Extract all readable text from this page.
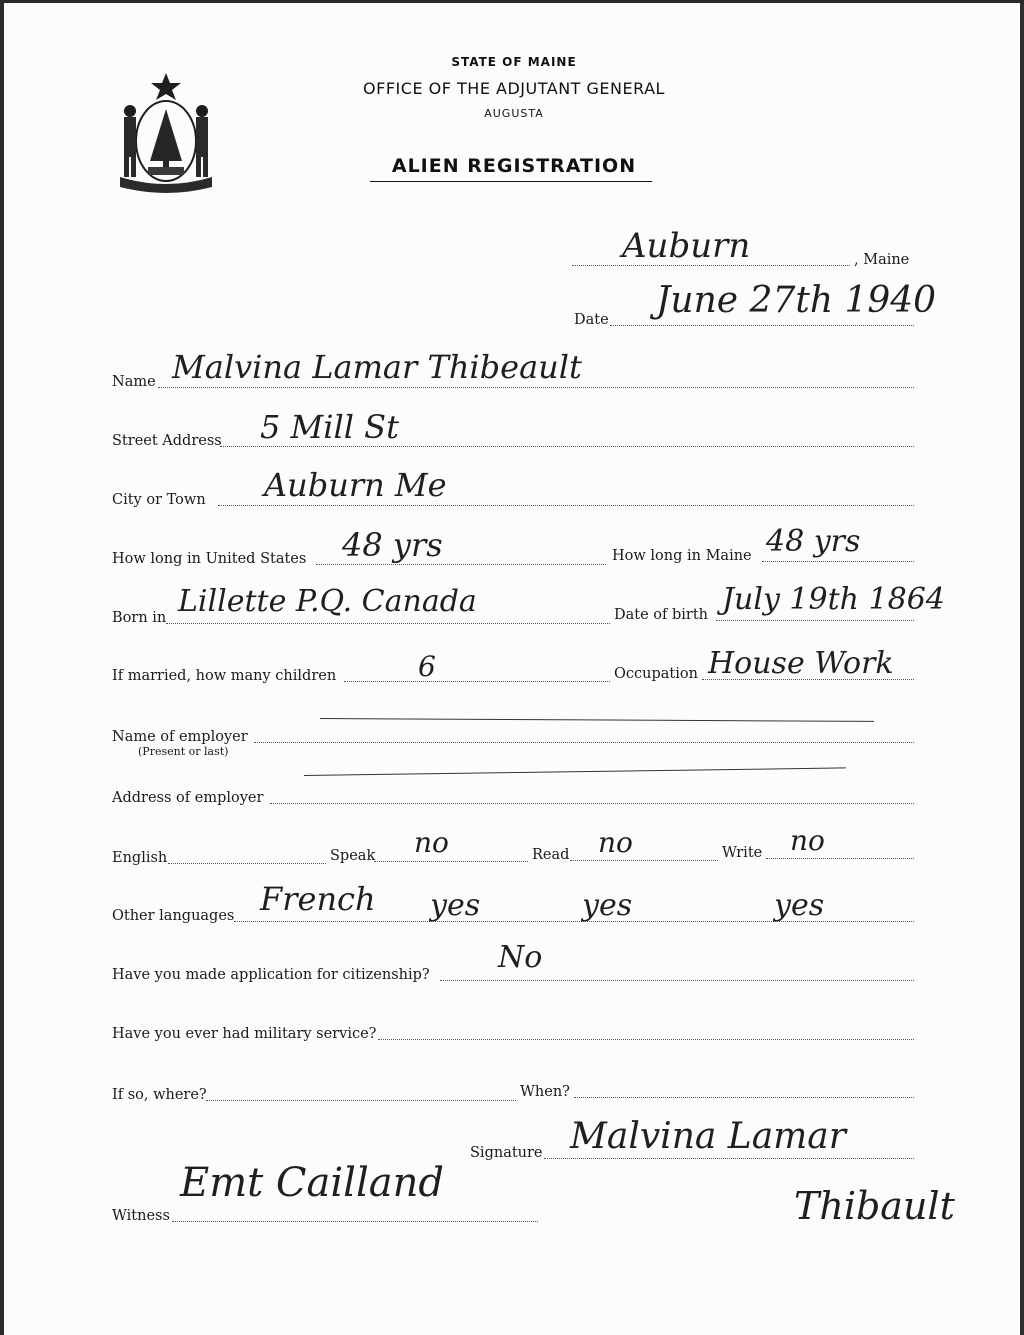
STATE OF MAINE
OFFICE OF THE ADJUTANT GENERAL
AUGUSTA
ALIEN REGISTRATION
Auburn	, Maine
Date June 27th 1940
Name Malvina Lamar Thibeault
Street Address 5 Mill St
City or Town Auburn Me
How long in United States 48 yrs	How long in Maine 48 yrs
Born in Lillette P.Q. Canada	Date of birth July 19th 1864
If married, how many children	6	Occupation House Work
Name of employer
(Present or last)
Address of employer
English	Speak no	Read no	Write no
Other languages French yes	yes	yes
Have you made application for citizenship? No
Have you ever had military service?
If so, where?	When?
Signature Malvina Lamar
Thibault
Witness
Emt Cailland
